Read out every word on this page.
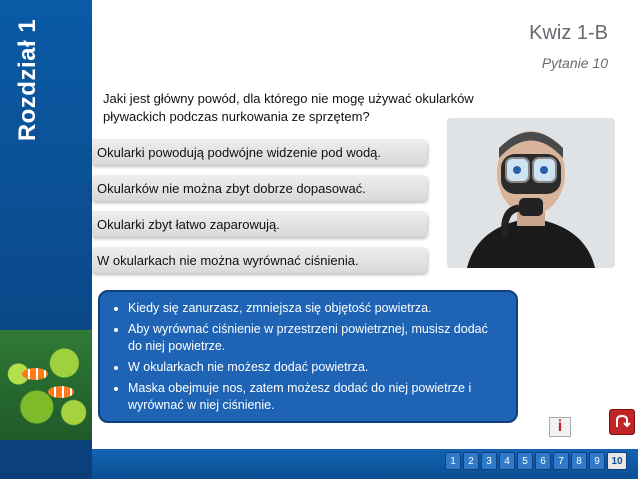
Rozdział 1	Kwiz 1-B
Pytanie 10
Jaki jest główny powód, dla którego nie mogę używać okularków pływackich podczas nurkowania ze sprzętem?
Okularki powodują podwójne widzenie pod wodą.
Okularków nie można zbyt dobrze dopasować.
Okularki zbyt łatwo zaparowują.
W okularkach nie można wyrównać ciśnienia.
• Kiedy się zanurzasz, zmniejsza się objętość powietrza.
• Aby wyrównać ciśnienie w przestrzeni powietrznej, musisz dodać do niej powietrze.
• W okularkach nie możesz dodać powietrza.
• Maska obejmuje nos, zatem możesz dodać do niej powietrze i wyrównać w niej ciśnienie.
i
1	2	3	4	5	6	7	8	9	10
